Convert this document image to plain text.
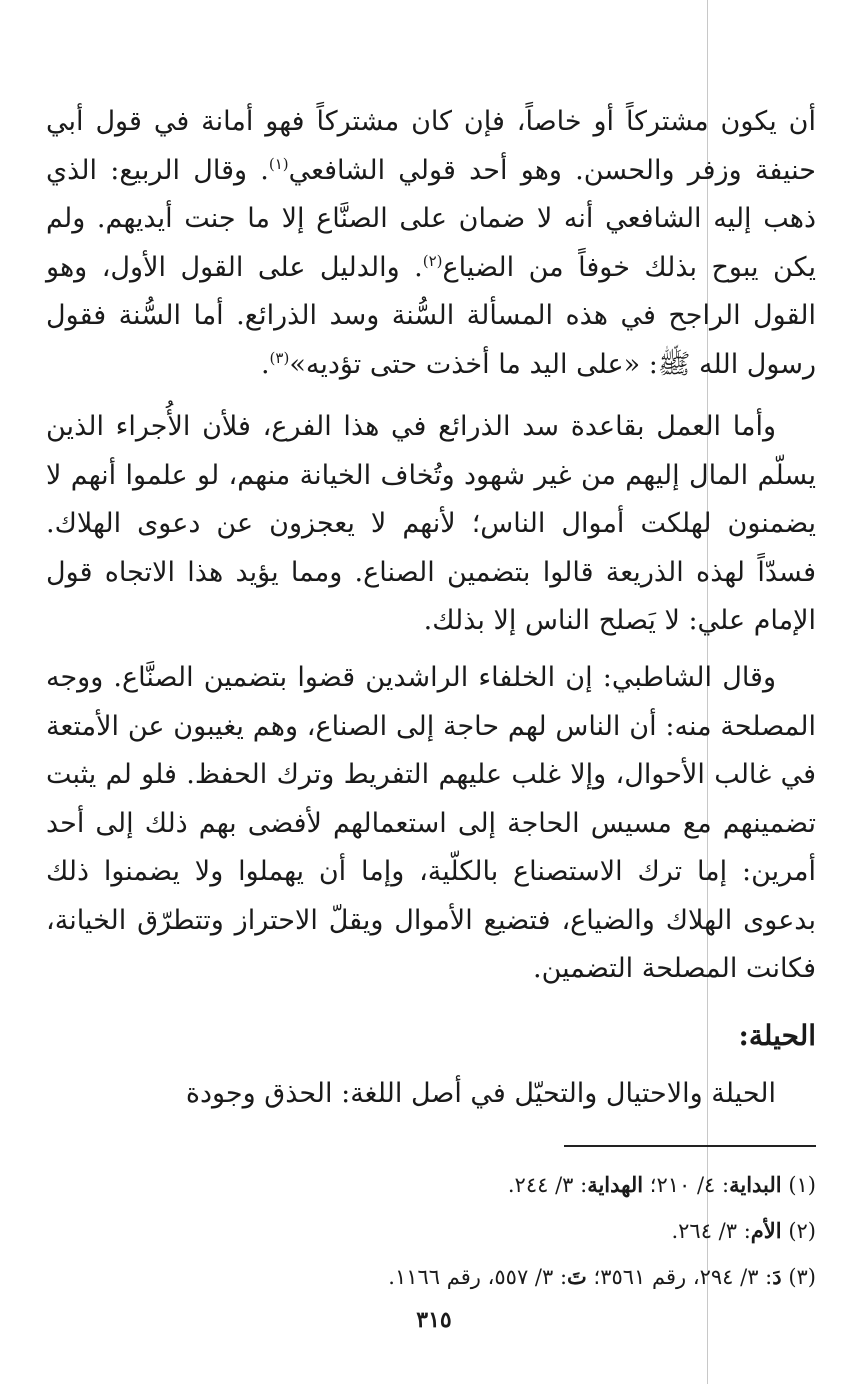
أن يكون مشتركاً أو خاصاً، فإن كان مشتركاً فهو أمانة في قول أبي حنيفة وزفر والحسن. وهو أحد قولي الشافعي$^{(١)}$. وقال الربيع: الذي ذهب إليه الشافعي أنه لا ضمان على الصنَّاع إلا ما جنت أيديهم. ولم يكن يبوح بذلك خوفاً من الضياع$^{(٢)}$. والدليل على القول الأول، وهو القول الراجح في هذه المسألة السُّنة وسد الذرائع. أما السُّنة فقول رسول الله ﷺ: «على اليد ما أخذت حتى تؤديه»$^{(٣)}$.

وأما العمل بقاعدة سد الذرائع في هذا الفرع، فلأن الأُجراء الذين يسلّم المال إليهم من غير شهود وتُخاف الخيانة منهم، لو علموا أنهم لا يضمنون لهلكت أموال الناس؛ لأنهم لا يعجزون عن دعوى الهلاك. فسدّاً لهذه الذريعة قالوا بتضمين الصناع. ومما يؤيد هذا الاتجاه قول الإمام علي: لا يَصلح الناس إلا بذلك.

وقال الشاطبي: إن الخلفاء الراشدين قضوا بتضمين الصنَّاع. ووجه المصلحة منه: أن الناس لهم حاجة إلى الصناع، وهم يغيبون عن الأمتعة في غالب الأحوال، وإلا غلب عليهم التفريط وترك الحفظ. فلو لم يثبت تضمينهم مع مسيس الحاجة إلى استعمالهم لأفضى بهم ذلك إلى أحد أمرين: إما ترك الاستصناع بالكلّية، وإما أن يهملوا ولا يضمنوا ذلك بدعوى الهلاك والضياع، فتضيع الأموال ويقلّ الاحتراز وتتطرّق الخيانة، فكانت المصلحة التضمين.

الحيلة:

الحيلة والاحتيال والتحيّل في أصل اللغة: الحذق وجودة

(١) البداية: ٤/ ٢١٠؛ الهداية: ٣/ ٢٤٤.

(٢) الأم: ٣/ ٢٦٤.

(٣) دَ: ٣/ ٢٩٤، رقم ٣٥٦١؛ تَ: ٣/ ٥٥٧، رقم ١١٦٦.

٣١٥
